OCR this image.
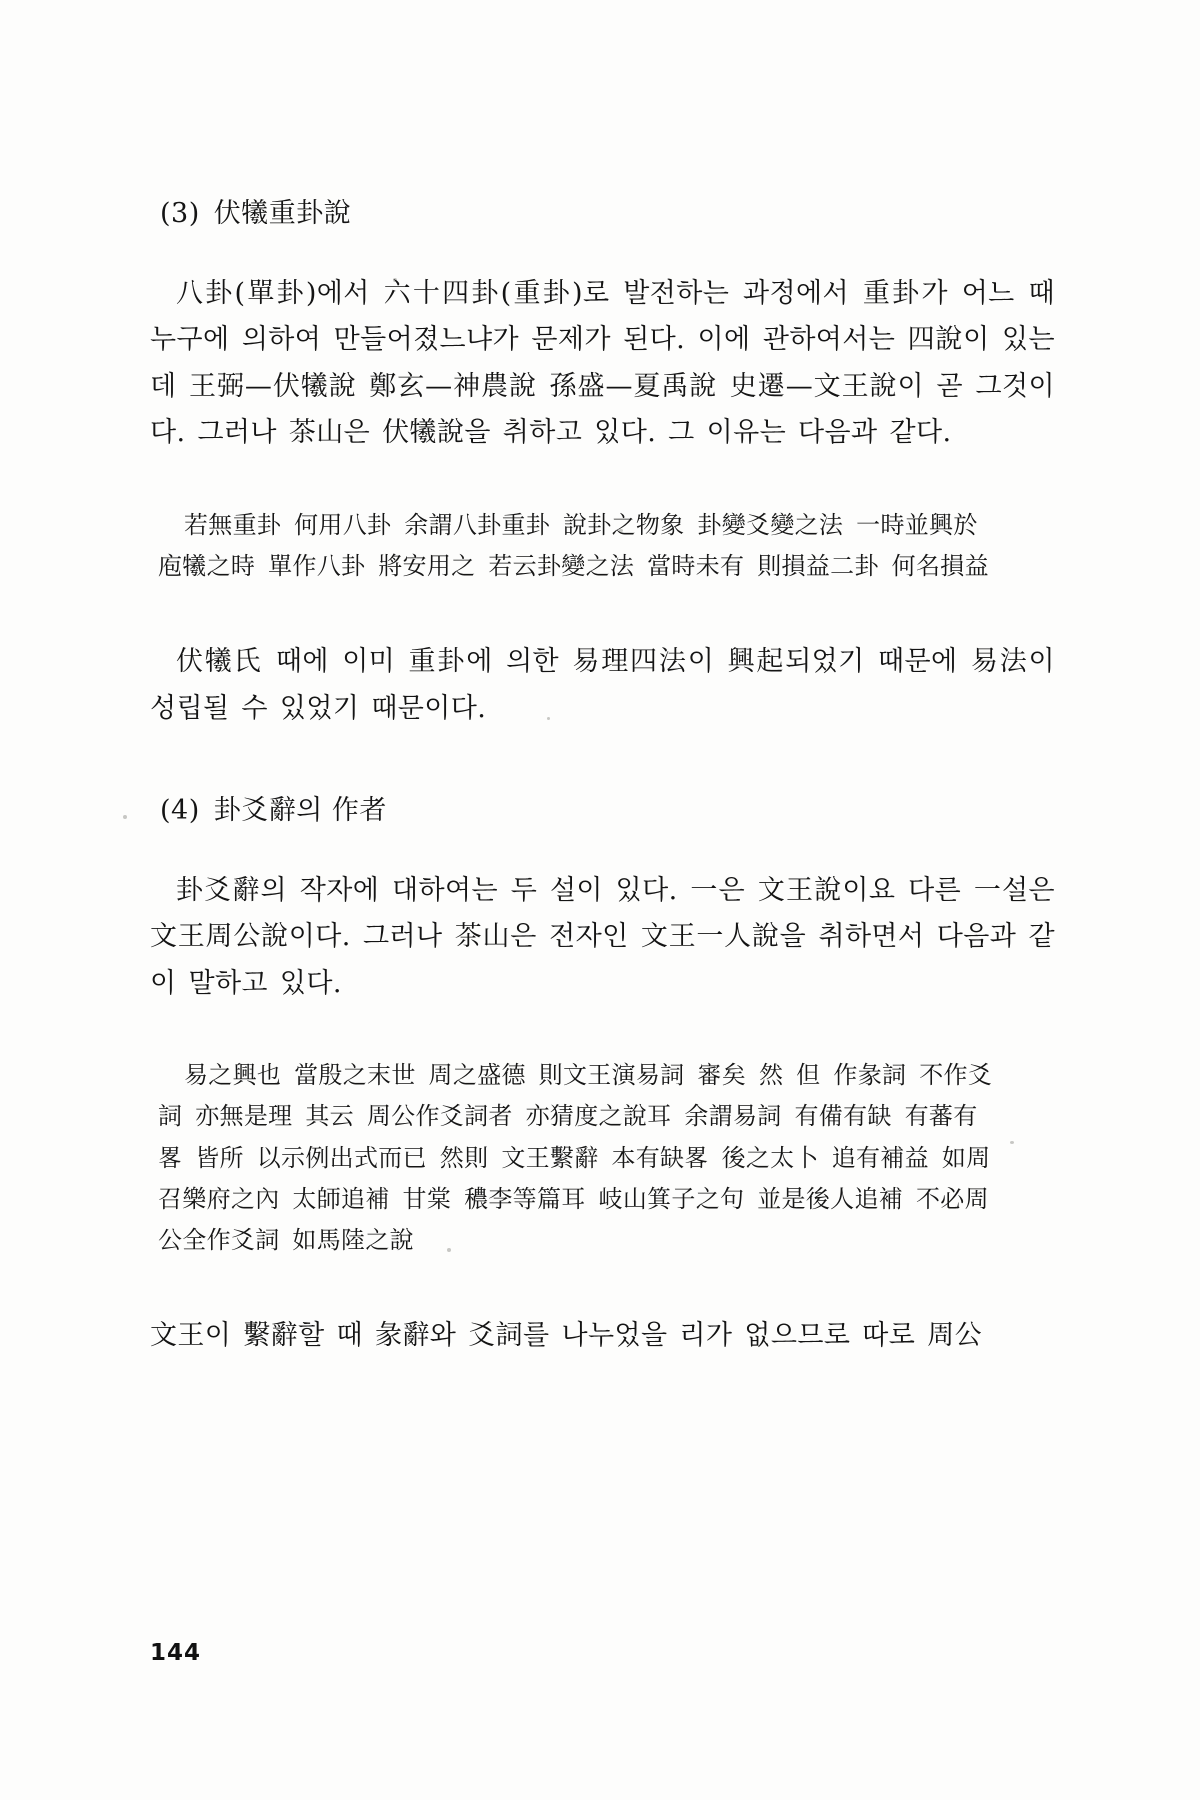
(3) 伏犧重卦說

八卦(單卦)에서 六十四卦(重卦)로 발전하는 과정에서 重卦가 어느 때 누구에 의하여 만들어졌느냐가 문제가 된다. 이에 관하여서는 四說이 있는데 王弼—伏犧說 鄭玄—神農說 孫盛—夏禹說 史遷—文王說이 곧 그것이다. 그러나 茶山은 伏犧說을 취하고 있다. 그 이유는 다음과 같다.

若無重卦 何用八卦 余謂八卦重卦 說卦之物象 卦變爻變之法 一時並興於
庖犧之時 單作八卦 將安用之 若云卦變之法 當時未有 則損益二卦 何名損益

伏犧氏 때에 이미 重卦에 의한 易理四法이 興起되었기 때문에 易法이 성립될 수 있었기 때문이다.

(4) 卦爻辭의 作者

卦爻辭의 작자에 대하여는 두 설이 있다. 一은 文王說이요 다른 一설은 文王周公說이다. 그러나 茶山은 전자인 文王一人說을 취하면서 다음과 같이 말하고 있다.

易之興也 當殷之末世 周之盛德 則文王演易詞 審矣 然 但 作彖詞 不作爻
詞 亦無是理 其云 周公作爻詞者 亦猜度之說耳 余謂易詞 有備有缺 有蕃有
畧 皆所 以示例出式而已 然則 文王繫辭 本有缺畧 後之太卜 追有補益 如周
召樂府之內 太師追補 甘棠 穠李等篇耳 岐山箕子之句 並是後人追補 不必周
公全作爻詞 如馬陸之說

文王이 繫辭할 때 彖辭와 爻詞를 나누었을 리가 없으므로 따로 周公

144
